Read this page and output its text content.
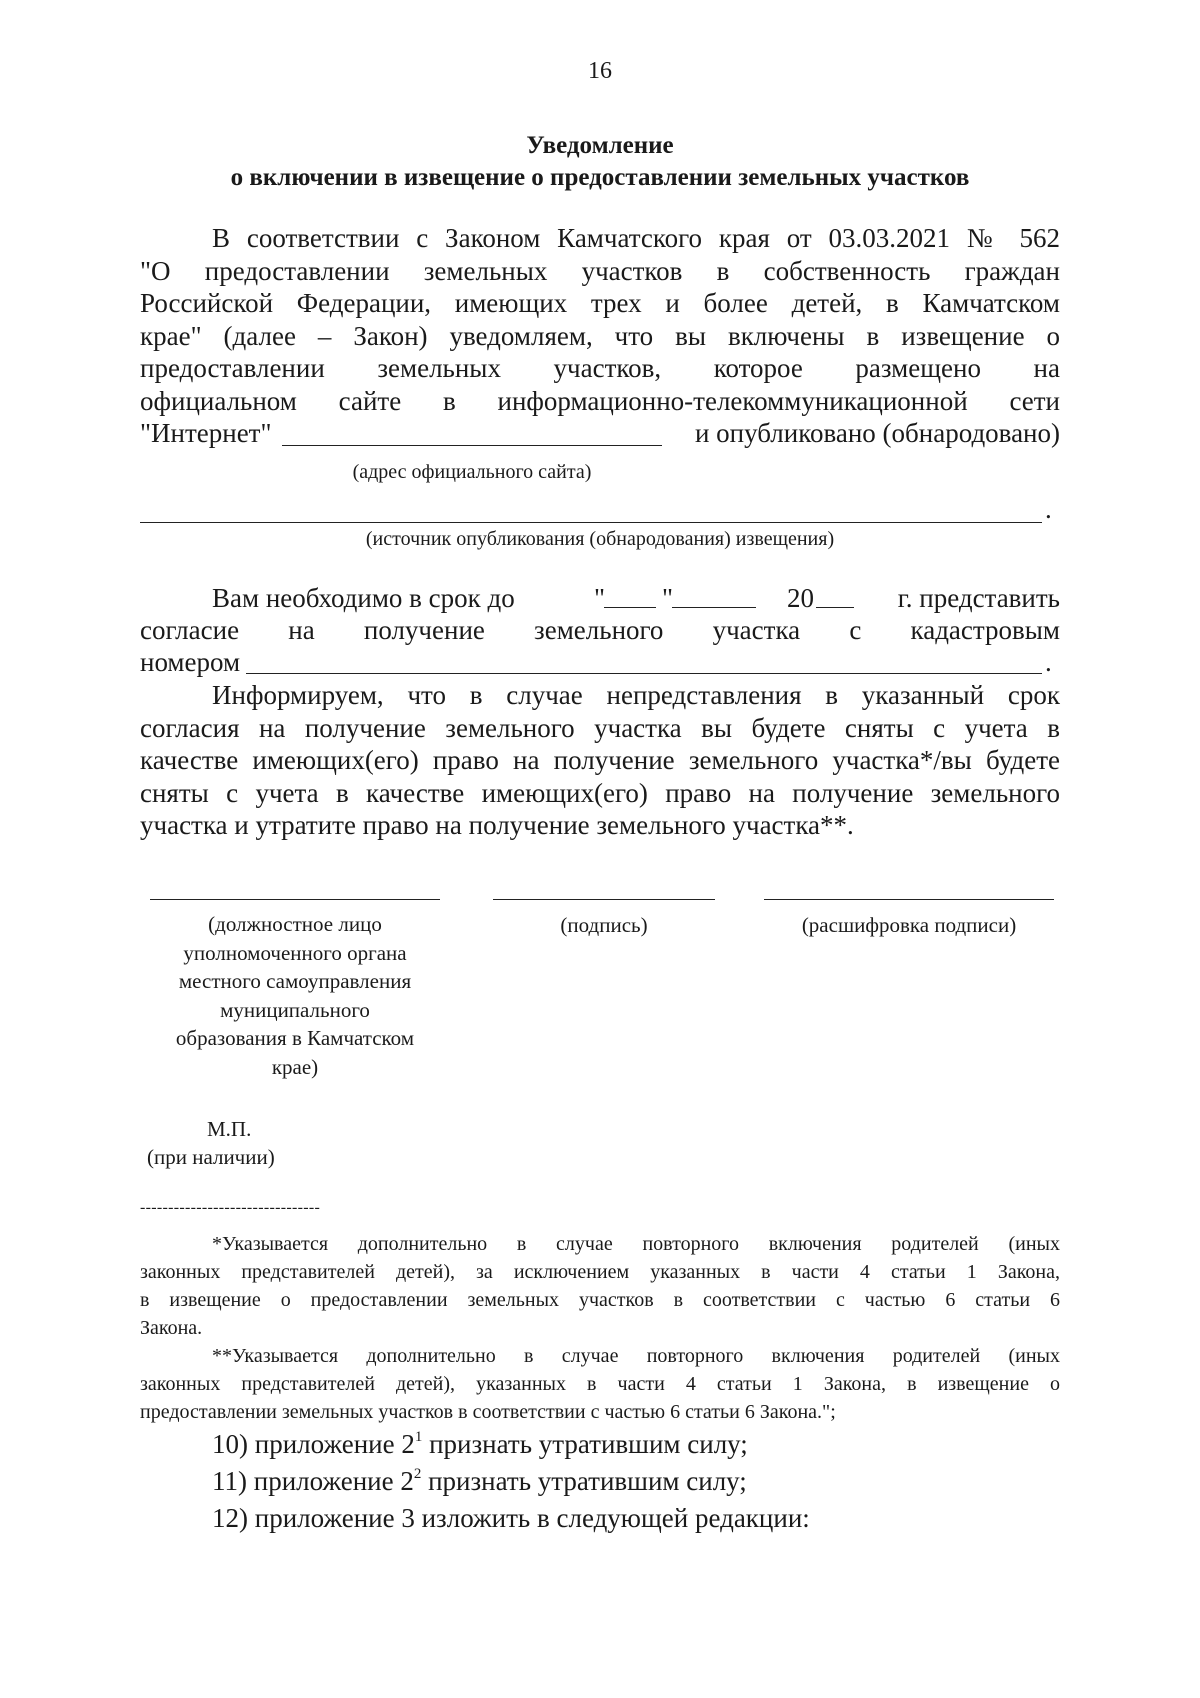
16
Уведомление
о включении в извещение о предоставлении земельных участков
В соответствии с Законом Камчатского края от 03.03.2021 № 562
"О предоставлении земельных участков в собственность граждан
Российской Федерации, имеющих трех и более детей, в Камчатском
крае" (далее – Закон) уведомляем, что вы включены в извещение о
предоставлении земельных участков, которое размещено на
официальном сайте в информационно-телекоммуникационной сети
"Интернет"	и опубликовано (обнародовано)
(адрес официального сайта)
.
(источник опубликования (обнародования) извещения)
Вам необходимо в срок до	" "	20	г. представить
согласие на получение земельного участка с кадастровым
номером	.
Информируем, что в случае непредставления в указанный срок
согласия на получение земельного участка вы будете сняты с учета в
качестве имеющих(его) право на получение земельного участка*/вы будете
сняты с учета в качестве имеющих(его) право на получение земельного
участка и утратите право на получение земельного участка**.
(должностное лицо
уполномоченного органа
местного самоуправления
муниципального
образования в Камчатском
крае)
(подпись)	(расшифровка подписи)
М.П.
(при наличии)
--------------------------------
*Указывается дополнительно в случае повторного включения родителей (иных
законных представителей детей), за исключением указанных в части 4 статьи 1 Закона,
в извещение о предоставлении земельных участков в соответствии с частью 6 статьи 6
Закона.
**Указывается дополнительно в случае повторного включения родителей (иных
законных представителей детей), указанных в части 4 статьи 1 Закона, в извещение о
предоставлении земельных участков в соответствии с частью 6 статьи 6 Закона.";
10) приложение $2^1$ признать утратившим силу;
11) приложение $2^2$ признать утратившим силу;
12) приложение 3 изложить в следующей редакции:
